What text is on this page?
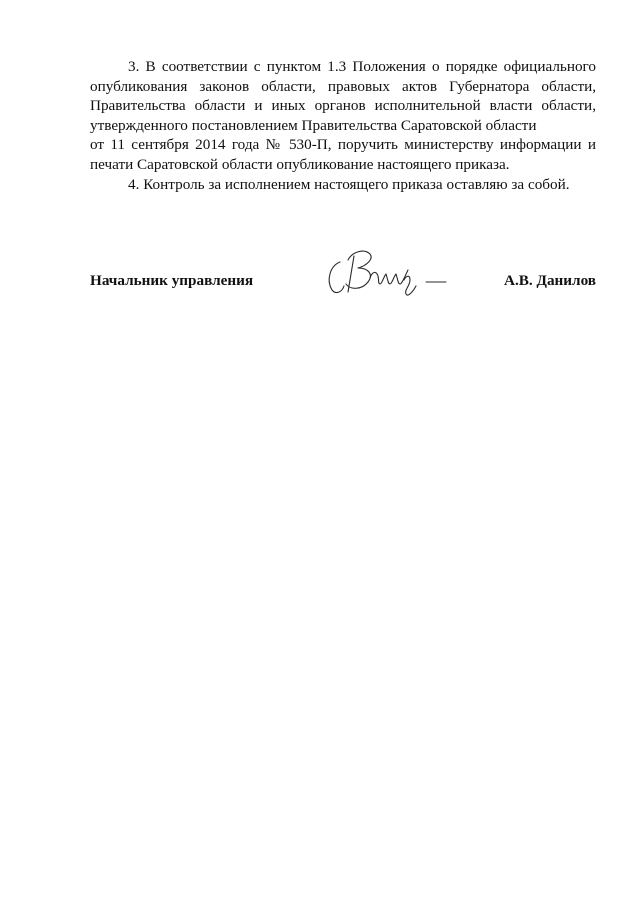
3. В соответствии с пунктом 1.3 Положения о порядке официального
опубликования законов области, правовых актов Губернатора области,
Правительства области и иных органов исполнительной власти области,
утвержденного постановлением Правительства Саратовской области
от 11 сентября 2014 года № 530-П, поручить министерству информации и
печати Саратовской области опубликование настоящего приказа.
4. Контроль за исполнением настоящего приказа оставляю за собой.
Начальник управления	А.В. Данилов
